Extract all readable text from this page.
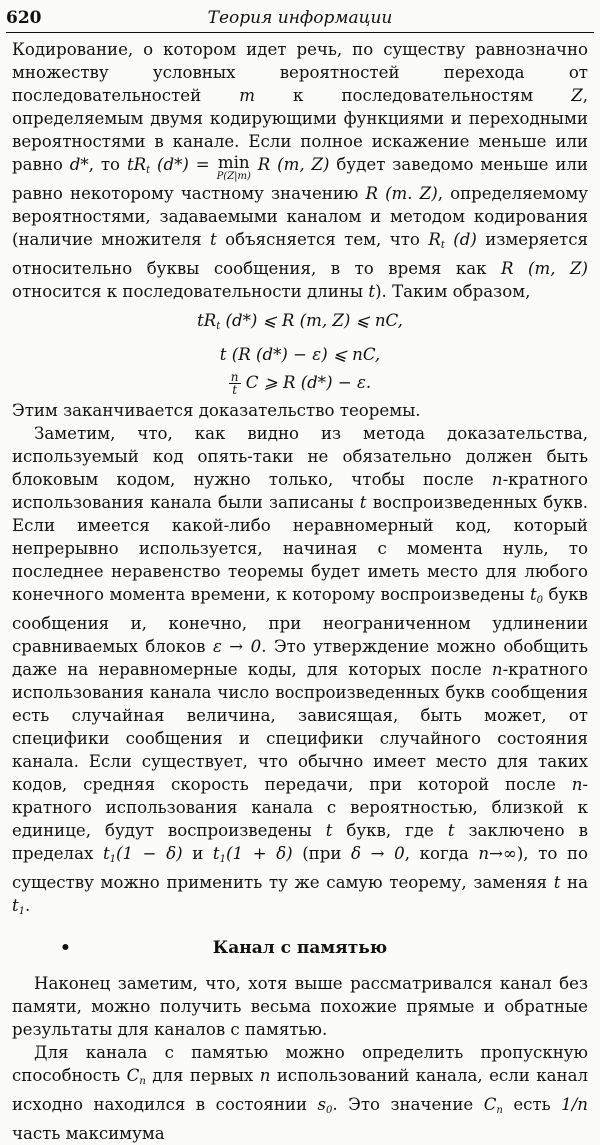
620	Теория информации

Кодирование, о котором идет речь, по существу равнозначно множеству условных вероятностей перехода от последовательностей m к последовательностям Z, определяемым двумя кодирующими функциями и переходными вероятностями в канале. Если полное искажение меньше или равно d*, то $tR_t$ (d*) = min
P(Z|m)
R (m, Z) будет заведомо меньше или равно некоторому частному значению R (m. Z), определяемому вероятностями, задаваемыми каналом и методом кодирования (наличие множителя t объясняется тем, что $R_t$ (d) измеряется относительно буквы сообщения, в то время как R (m, Z) относится к последовательности длины t). Таким образом,

$tR_t$ (d*) ⩽ R (m, Z) ⩽ nC,
t (R (d*) − ε) ⩽ nC,
$\frac{n}{t}$ C ⩾ R (d*) − ε.

Этим заканчивается доказательство теоремы.

Заметим, что, как видно из метода доказательства, используемый код опять-таки не обязательно должен быть блоковым кодом, нужно только, чтобы после n-кратного использования канала были записаны t воспроизведенных букв. Если имеется какой-либо неравномерный код, который непрерывно используется, начиная с момента нуль, то последнее неравенство теоремы будет иметь место для любого конечного момента времени, к которому воспроизведены $t_0$ букв сообщения и, конечно, при неограниченном удлинении сравниваемых блоков ε → 0. Это утверждение можно обобщить даже на неравномерные коды, для которых после n-кратного использования канала число воспроизведенных букв сообщения есть случайная величина, зависящая, быть может, от специфики сообщения и специфики случайного состояния канала. Если существует, что обычно имеет место для таких кодов, средняя скорость передачи, при которой после n-кратного использования канала с вероятностью, близкой к единице, будут воспроизведены t букв, где t заключено в пределах $t_1(1 - \delta)$ и $t_1(1 + \delta)$ (при δ → 0, когда n→∞), то по существу можно применить ту же самую теорему, заменяя t на $t_1$.

•	Канал с памятью

Наконец заметим, что, хотя выше рассматривался канал без памяти, можно получить весьма похожие прямые и обратные результаты для каналов с памятью.

Для канала с памятью можно определить пропускную способность $C_n$ для первых n использований канала, если канал исходно находился в состоянии $s_0$. Это значение $C_n$ есть 1/n часть максимума
